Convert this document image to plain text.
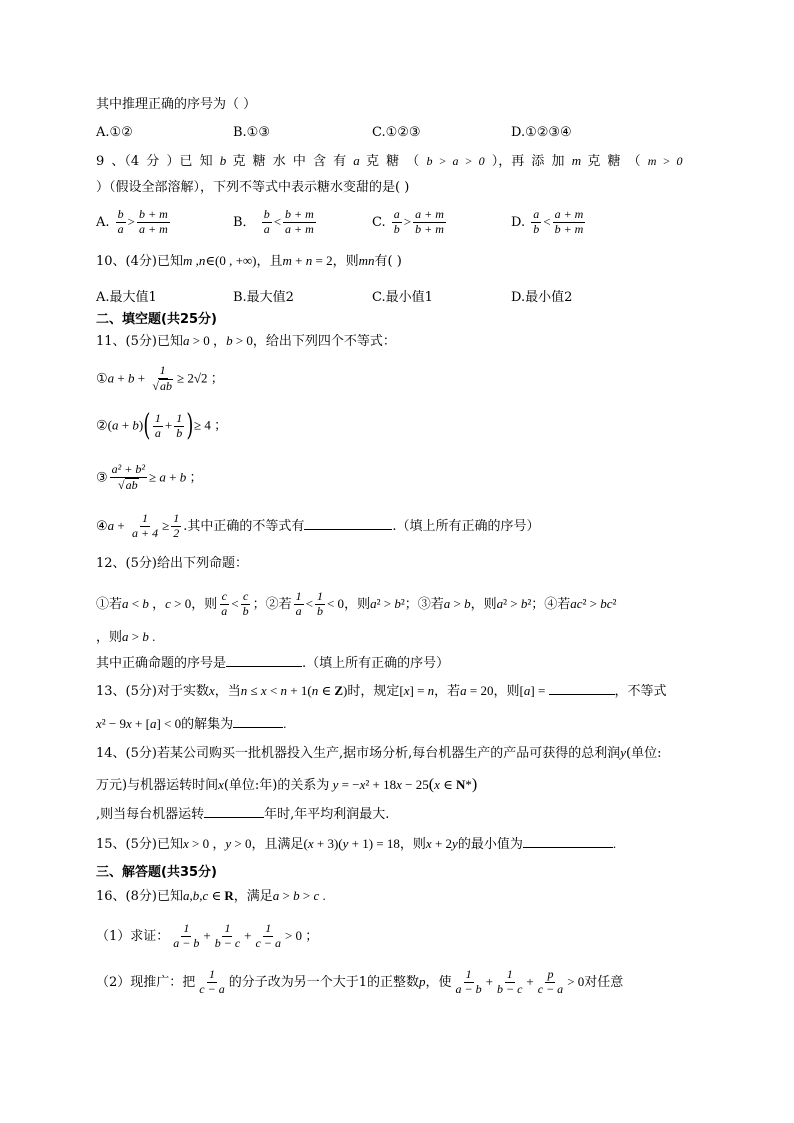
其中推理正确的序号为（ ）
A.①②	B.①③	C.①②③	D.①②③④
9 、（4 分 ）已 知 b 克 糖 水 中 含 有 a 克 糖 （ b > a > 0 ），再 添 加 m 克 糖 （ m > 0
）（假设全部溶解），下列不等式中表示糖水变甜的是( )
A. $\frac{b}{a} > \frac{b + m}{a + m}$	B． $\frac{b}{a} < \frac{b + m}{a + m}$	C. $\frac{a}{b} > \frac{a + m}{b + m}$	D. $\frac{a}{b} < \frac{a + m}{b + m}$
10、(4分)已知m ,n∈(0 , +∞)，且m + n = 2，则mn有( )
A.最大值1	B.最大值2	C.最小值1	D.最小值2
二、填空题(共25分)
11、(5分)已知a > 0 ，b > 0，给出下列四个不等式：
①a + $b + \frac{1}{√ab} \ge 2√2$ ；
②(a + $b)( \frac{1}{a} + \frac{1}{b}$ )≥ 4 ；
③ $\frac{\text{a² + b²}}{√ab} \ge a + b$ ；
④a + $\frac{1}{a + 4} \ge \frac{1}{2}$ .其中正确的不等式有	.（填上所有正确的序号）
12、(5分)给出下列命题：
①若a < b ，c > 0，则 $\frac{c}{a} < \frac{c}{b}$ ；②若 $\frac{1}{a} < \frac{1}{b} < 0$，则a² > b²；③若a > b，则a² > b²；④若ac² > bc²
，则a > b .
其中正确命题的序号是	.（填上所有正确的序号）
13、(5分)对于实数x，当n ≤ x < n + 1(n ∈ Z)时，规定[x] = n，若a = 20，则[a] =	，不等式
x² − 9x + [a] < 0的解集为	.
14、(5分)若某公司购买一批机器投入生产,据市场分析,每台机器生产的产品可获得的总利润y(单位:
万元)与机器运转时间x(单位:年)的关系为 y = −x² + 18x − 25(x ∈ N*)
,则当每台机器运转	年时,年平均利润最大.
15、(5分)已知x > 0 ，y > 0，且满足(x + 3)(y + 1) = 18，则x + 2y的最小值为	.
三、解答题(共35分)
16、(8分)已知a,b,c ∈ R，满足a > b > c .
（1）求证： $\frac{1}{a - b} + \frac{1}{b - c} + \frac{1}{c - a} > 0$ ；
（2）现推广：把 $\frac{1}{c - a}$ 的分子改为另一个大于1的正整数p，使 $\frac{1}{a - b} + \frac{1}{b - c} + \frac{p}{c - a} > 0$对任意
